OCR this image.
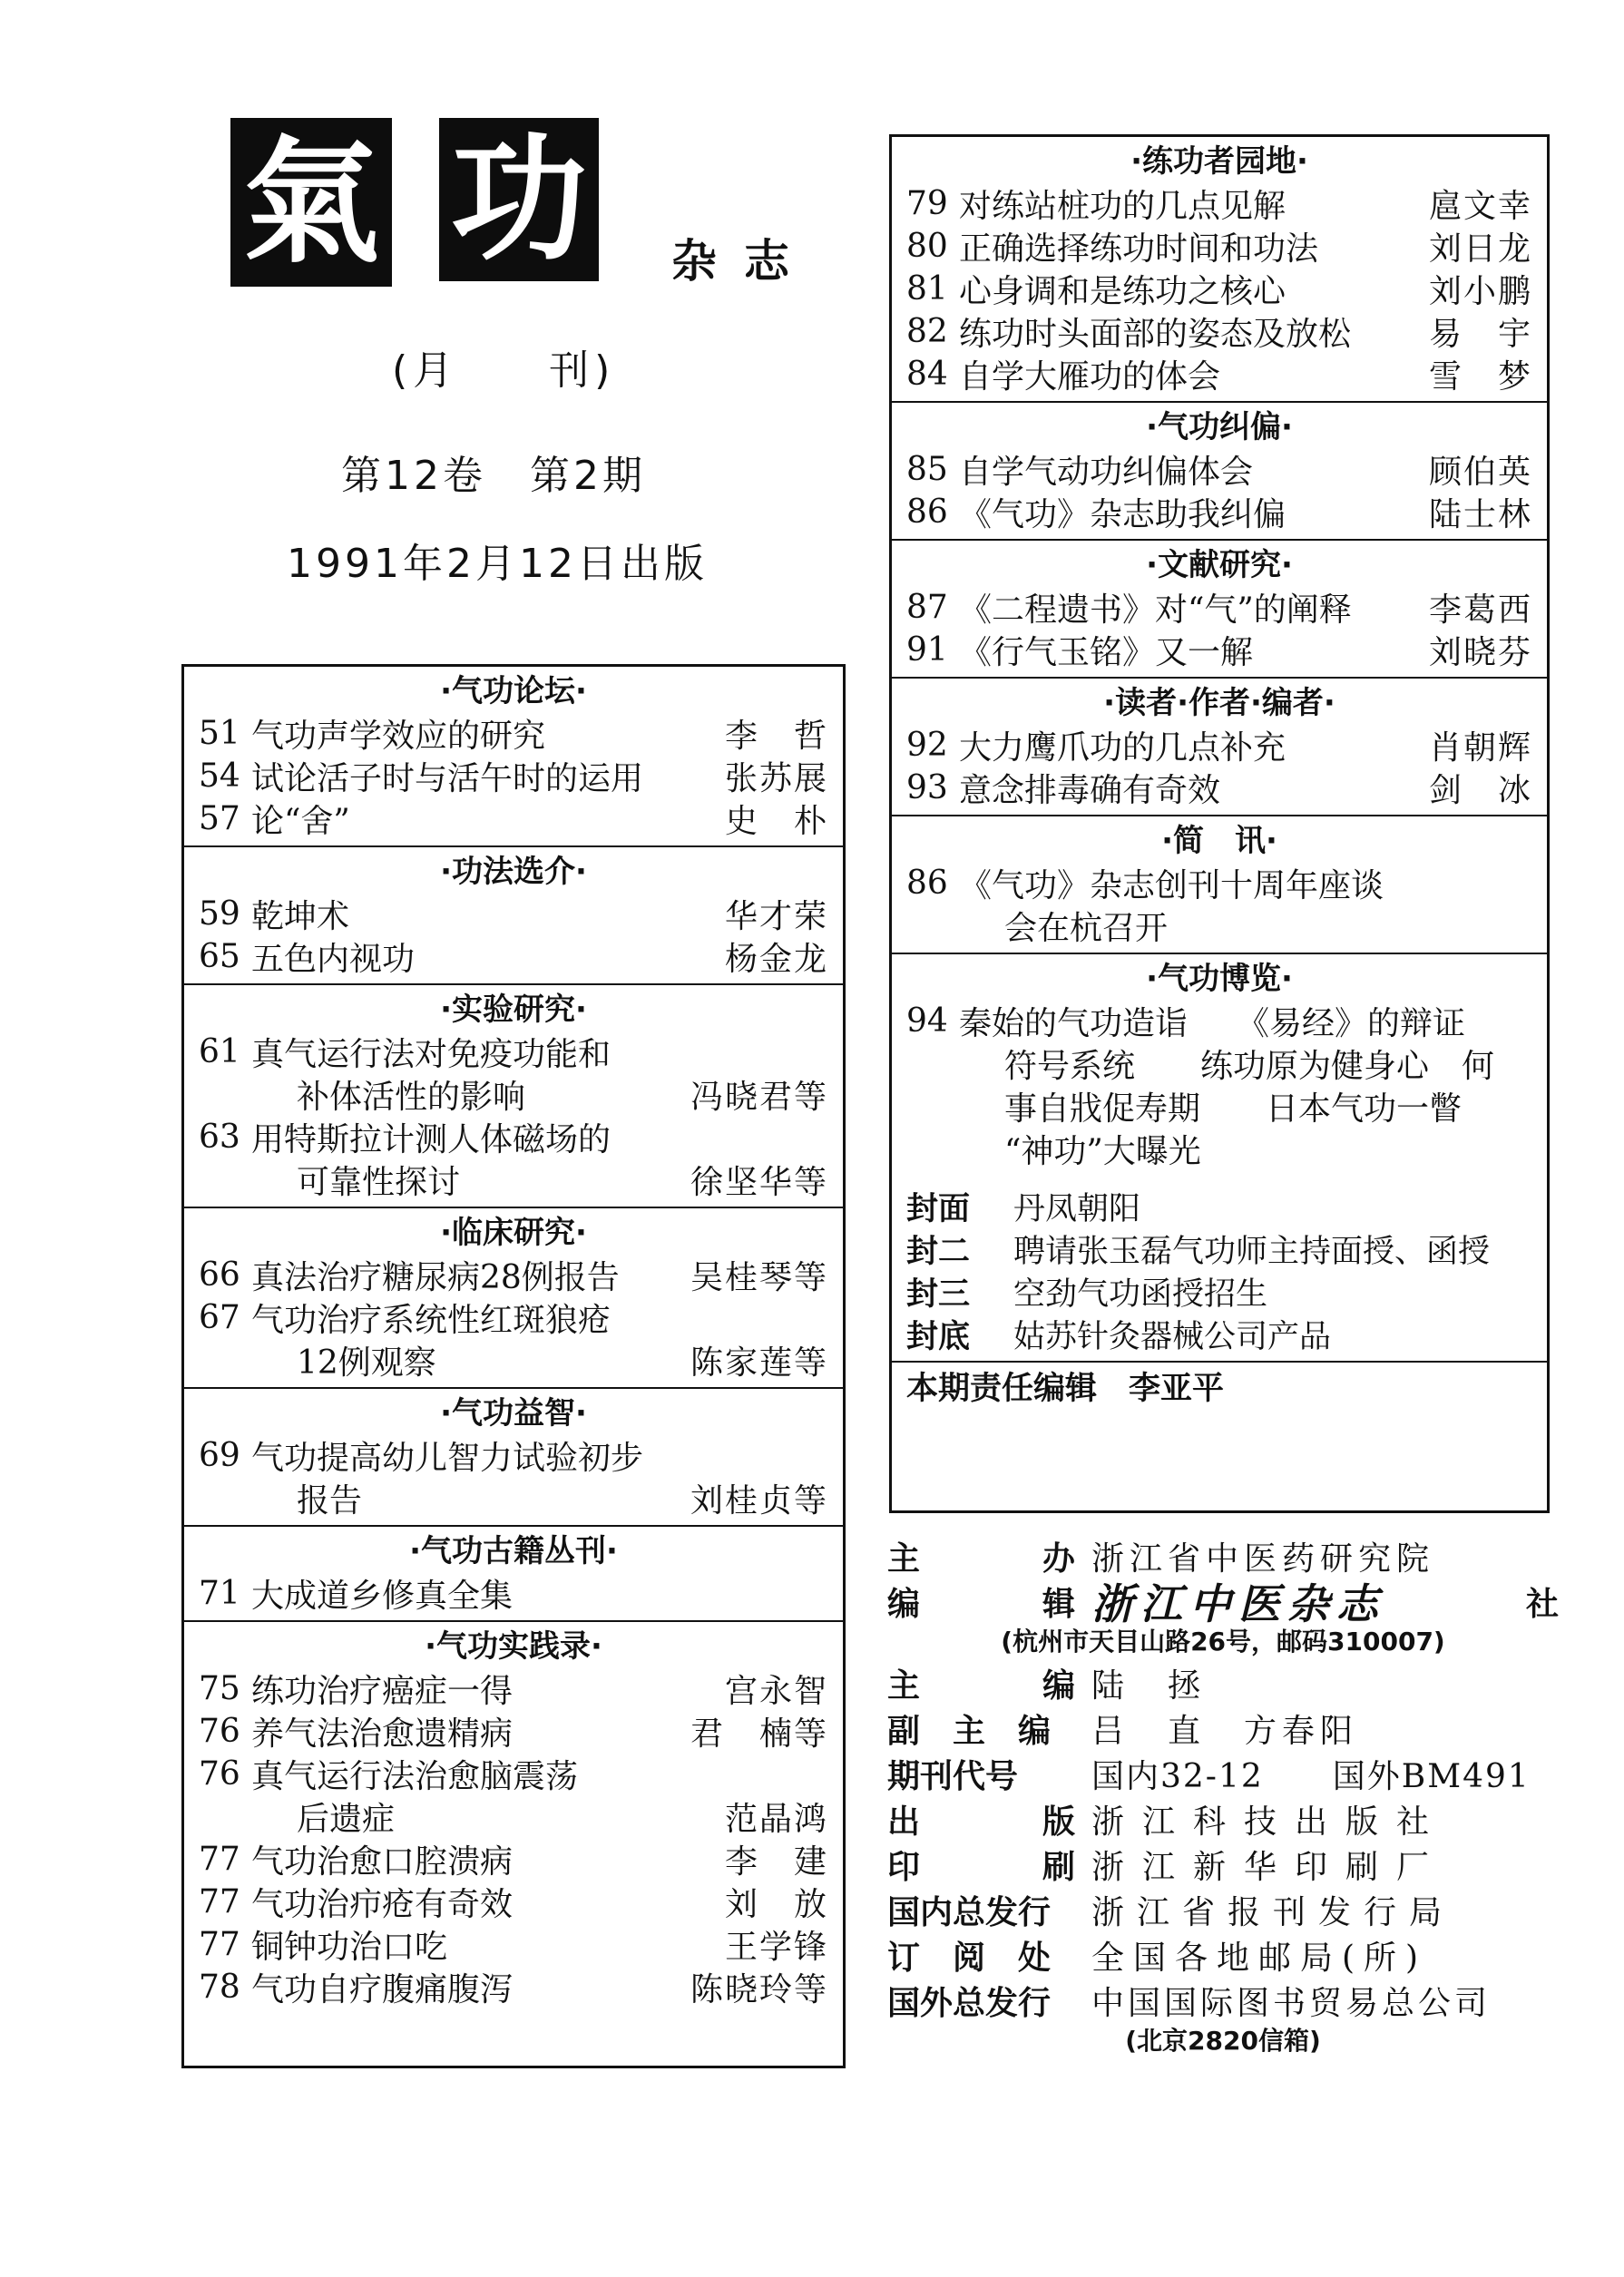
氣 功 杂志
(月　　刊)
第12卷　第2期
1991年2月12日出版
·气功论坛·
51 气功声学效应的研究	李　哲
54 试论活子时与活午时的运用	张苏展
57 论“舍”	史　朴
·功法选介·
59 乾坤术	华才荣
65 五色内视功	杨金龙
·实验研究·
61 真气运行法对免疫功能和
补体活性的影响	冯晓君等
63 用特斯拉计测人体磁场的
可靠性探讨	徐坚华等
·临床研究·
66 真法治疗糖尿病28例报告	吴桂琴等
67 气功治疗系统性红斑狼疮
12例观察	陈家莲等
·气功益智·
69 气功提高幼儿智力试验初步
报告	刘桂贞等
·气功古籍丛刊·
71 大成道乡修真全集
·气功实践录·
75 练功治疗癌症一得	宫永智
76 养气法治愈遗精病	君　楠等
76 真气运行法治愈脑震荡
后遗症	范晶鸿
77 气功治愈口腔溃病	李　建
77 气功治疖疮有奇效	刘　放
77 铜钟功治口吃	王学锋
78 气功自疗腹痛腹泻	陈晓玲等
·练功者园地·
79 对练站桩功的几点见解	扈文幸
80 正确选择练功时间和功法	刘日龙
81 心身调和是练功之核心	刘小鹏
82 练功时头面部的姿态及放松	易　宇
84 自学大雁功的体会	雪　梦
·气功纠偏·
85 自学气动功纠偏体会	顾伯英
86 《气功》杂志助我纠偏	陆士林
·文献研究·
87 《二程遗书》对“气”的阐释	李葛西
91 《行气玉铭》又一解	刘晓芬
·读者·作者·编者·
92 大力鹰爪功的几点补充	肖朝辉
93 意念排毒确有奇效	剑　冰
·简　讯·
86 《气功》杂志创刊十周年座谈
会在杭召开
·气功博览·
94 秦始的气功造诣　　《易经》的辩证
符号系统　　练功原为健身心　何
事自戕促寿期　　日本气功一瞥
“神功”大曝光
封面	丹凤朝阳
封二	聘请张玉磊气功师主持面授、函授
封三	空劲气功函授招生
封底	姑苏针灸器械公司产品
本期责任编辑　 李亚平
主	办 浙江省中医药研究院
编	辑 浙江中医杂志	社
(杭州市天目山路26号，邮码310007)
主	编 陆　拯
副　主　编	吕　直　方春阳
期刊代号	国内32-12　　国外BM491
出	版 浙江科技出版社
印	刷 浙江新华印刷厂
国内总发行	浙江省报刊发行局
订　阅　处	全国各地邮局(所)
国外总发行	中国国际图书贸易总公司
(北京2820信箱)
